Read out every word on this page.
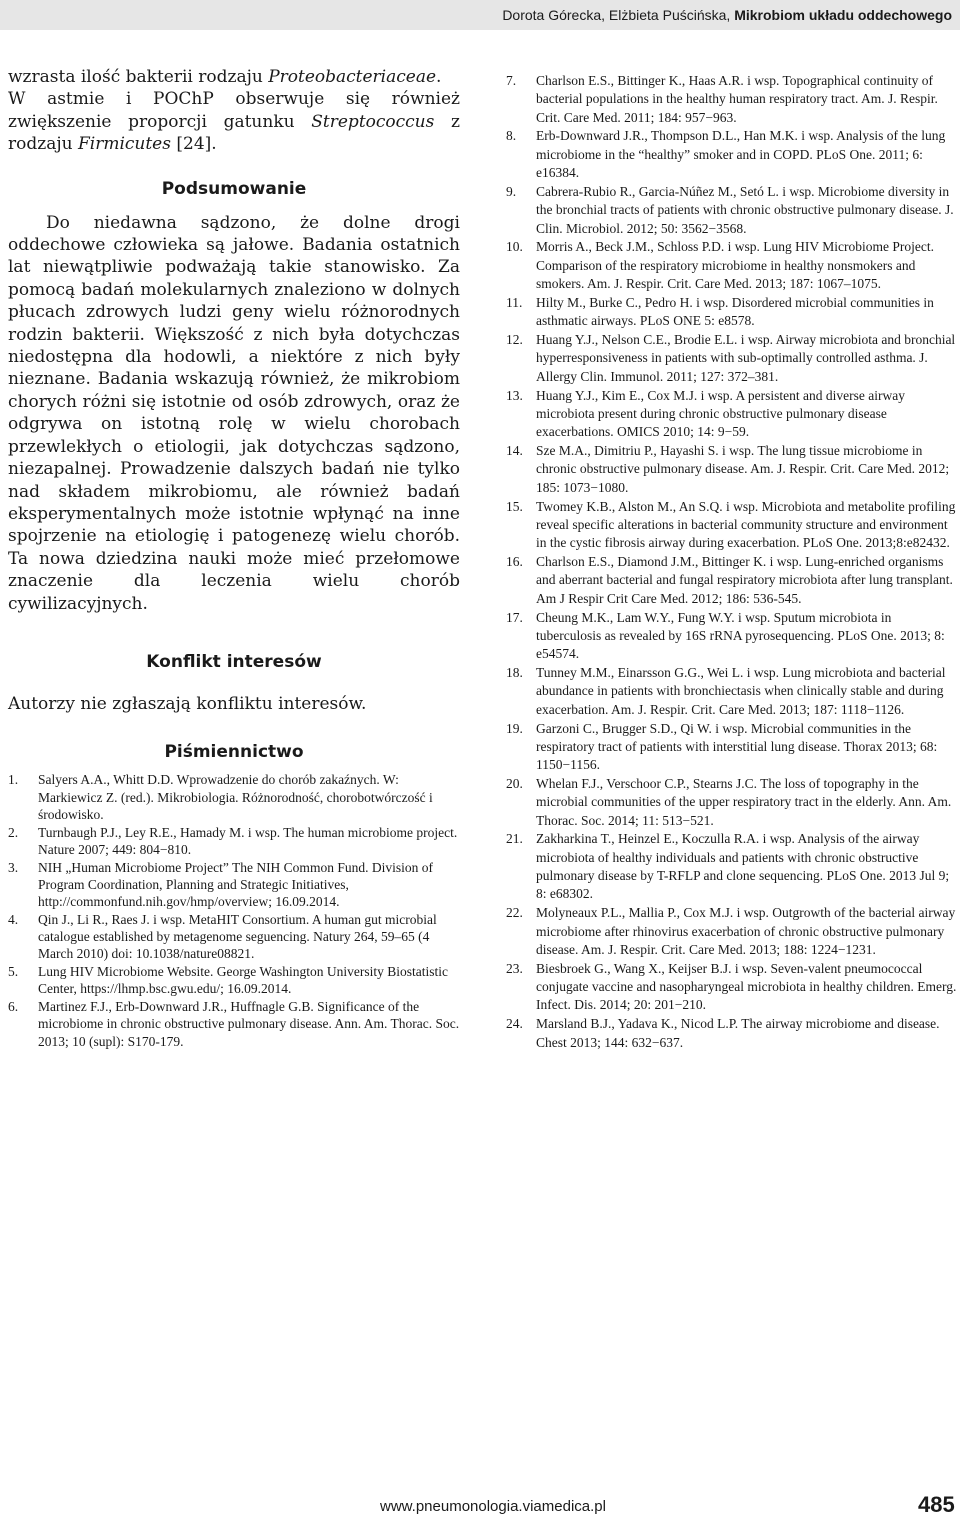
Dorota Górecka, Elżbieta Puścińska, Mikrobiom układu oddechowego

wzrasta ilość bakterii rodzaju Proteobacteriaceae.

W astmie i POChP obserwuje się również zwiększenie proporcji gatunku Streptococcus z rodzaju Firmicutes [24].

Podsumowanie

Do niedawna sądzono, że dolne drogi oddechowe człowieka są jałowe. Badania ostatnich lat niewątpliwie podważają takie stanowisko. Za pomocą badań molekularnych znaleziono w dolnych płucach zdrowych ludzi geny wielu różnorodnych rodzin bakterii. Większość z nich była dotychczas niedostępna dla hodowli, a niektóre z nich były nieznane. Badania wskazują również, że mikrobiom chorych różni się istotnie od osób zdrowych, oraz że odgrywa on istotną rolę w wielu chorobach przewlekłych o etiologii, jak dotychczas sądzono, niezapalnej. Prowadzenie dalszych badań nie tylko nad składem mikrobiomu, ale również badań eksperymentalnych może istotnie wpłynąć na inne spojrzenie na etiologię i patogenezę wielu chorób. Ta nowa dziedzina nauki może mieć przełomowe znaczenie dla leczenia wielu chorób cywilizacyjnych.

Konflikt interesów

Autorzy nie zgłaszają konfliktu interesów.

Piśmiennictwo
1. Salyers A.A., Whitt D.D. Wprowadzenie do chorób zakaźnych. W: Markiewicz Z. (red.). Mikrobiologia. Różnorodność, chorobotwórczość i środowisko.
2. Turnbaugh P.J., Ley R.E., Hamady M. i wsp. The human microbiome project. Nature 2007; 449: 804−810.
3. NIH „Human Microbiome Project” The NIH Common Fund. Division of Program Coordination, Planning and Strategic Initiatives, http://commonfund.nih.gov/hmp/overview; 16.09.2014.
4. Qin J., Li R., Raes J. i wsp. MetaHIT Consortium. A human gut microbial catalogue established by metagenome seguencing. Natury 264, 59–65 (4 March 2010) doi: 10.1038/nature08821.
5. Lung HIV Microbiome Website. George Washington University Biostatistic Center, https://lhmp.bsc.gwu.edu/; 16.09.2014.
6. Martinez F.J., Erb-Downward J.R., Huffnagle G.B. Significance of the microbiome in chronic obstructive pulmonary disease. Ann. Am. Thorac. Soc. 2013; 10 (supl): S170-179.
7. Charlson E.S., Bittinger K., Haas A.R. i wsp. Topographical continuity of bacterial populations in the healthy human respiratory tract. Am. J. Respir. Crit. Care Med. 2011; 184: 957−963.
8. Erb-Downward J.R., Thompson D.L., Han M.K. i wsp. Analysis of the lung microbiome in the “healthy” smoker and in COPD. PLoS One. 2011; 6: e16384.
9. Cabrera-Rubio R., Garcia-Núñez M., Setó L. i wsp. Microbiome diversity in the bronchial tracts of patients with chronic obstructive pulmonary disease. J. Clin. Microbiol. 2012; 50: 3562−3568.
10. Morris A., Beck J.M., Schloss P.D. i wsp. Lung HIV Microbiome Project. Comparison of the respiratory microbiome in healthy nonsmokers and smokers. Am. J. Respir. Crit. Care Med. 2013; 187: 1067–1075.
11. Hilty M., Burke C., Pedro H. i wsp. Disordered microbial communities in asthmatic airways. PLoS ONE 5: e8578.
12. Huang Y.J., Nelson C.E., Brodie E.L. i wsp. Airway microbiota and bronchial hyperresponsiveness in patients with sub-optimally controlled asthma. J. Allergy Clin. Immunol. 2011; 127: 372–381.
13. Huang Y.J., Kim E., Cox M.J. i wsp. A persistent and diverse airway microbiota present during chronic obstructive pulmonary disease exacerbations. OMICS 2010; 14: 9−59.
14. Sze M.A., Dimitriu P., Hayashi S. i wsp. The lung tissue microbiome in chronic obstructive pulmonary disease. Am. J. Respir. Crit. Care Med. 2012; 185: 1073−1080.
15. Twomey K.B., Alston M., An S.Q. i wsp. Microbiota and metabolite profiling reveal specific alterations in bacterial community structure and environment in the cystic fibrosis airway during exacerbation. PLoS One. 2013;8:e82432.
16. Charlson E.S., Diamond J.M., Bittinger K. i wsp. Lung-enriched organisms and aberrant bacterial and fungal respiratory microbiota after lung transplant. Am J Respir Crit Care Med. 2012; 186: 536-545.
17. Cheung M.K., Lam W.Y., Fung W.Y. i wsp. Sputum microbiota in tuberculosis as revealed by 16S rRNA pyrosequencing. PLoS One. 2013; 8: e54574.
18. Tunney M.M., Einarsson G.G., Wei L. i wsp. Lung microbiota and bacterial abundance in patients with bronchiectasis when clinically stable and during exacerbation. Am. J. Respir. Crit. Care Med. 2013; 187: 1118−1126.
19. Garzoni C., Brugger S.D., Qi W. i wsp. Microbial communities in the respiratory tract of patients with interstitial lung disease. Thorax 2013; 68: 1150−1156.
20. Whelan F.J., Verschoor C.P., Stearns J.C. The loss of topography in the microbial communities of the upper respiratory tract in the elderly. Ann. Am. Thorac. Soc. 2014; 11: 513−521.
21. Zakharkina T., Heinzel E., Koczulla R.A. i wsp. Analysis of the airway microbiota of healthy individuals and patients with chronic obstructive pulmonary disease by T-RFLP and clone sequencing. PLoS One. 2013 Jul 9; 8: e68302.
22. Molyneaux P.L., Mallia P., Cox M.J. i wsp. Outgrowth of the bacterial airway microbiome after rhinovirus exacerbation of chronic obstructive pulmonary disease. Am. J. Respir. Crit. Care Med. 2013; 188: 1224−1231.
23. Biesbroek G., Wang X., Keijser B.J. i wsp. Seven-valent pneumococcal conjugate vaccine and nasopharyngeal microbiota in healthy children. Emerg. Infect. Dis. 2014; 20: 201−210.
24. Marsland B.J., Yadava K., Nicod L.P. The airway microbiome and disease. Chest 2013; 144: 632−637.
www.pneumonologia.viamedica.pl	485
